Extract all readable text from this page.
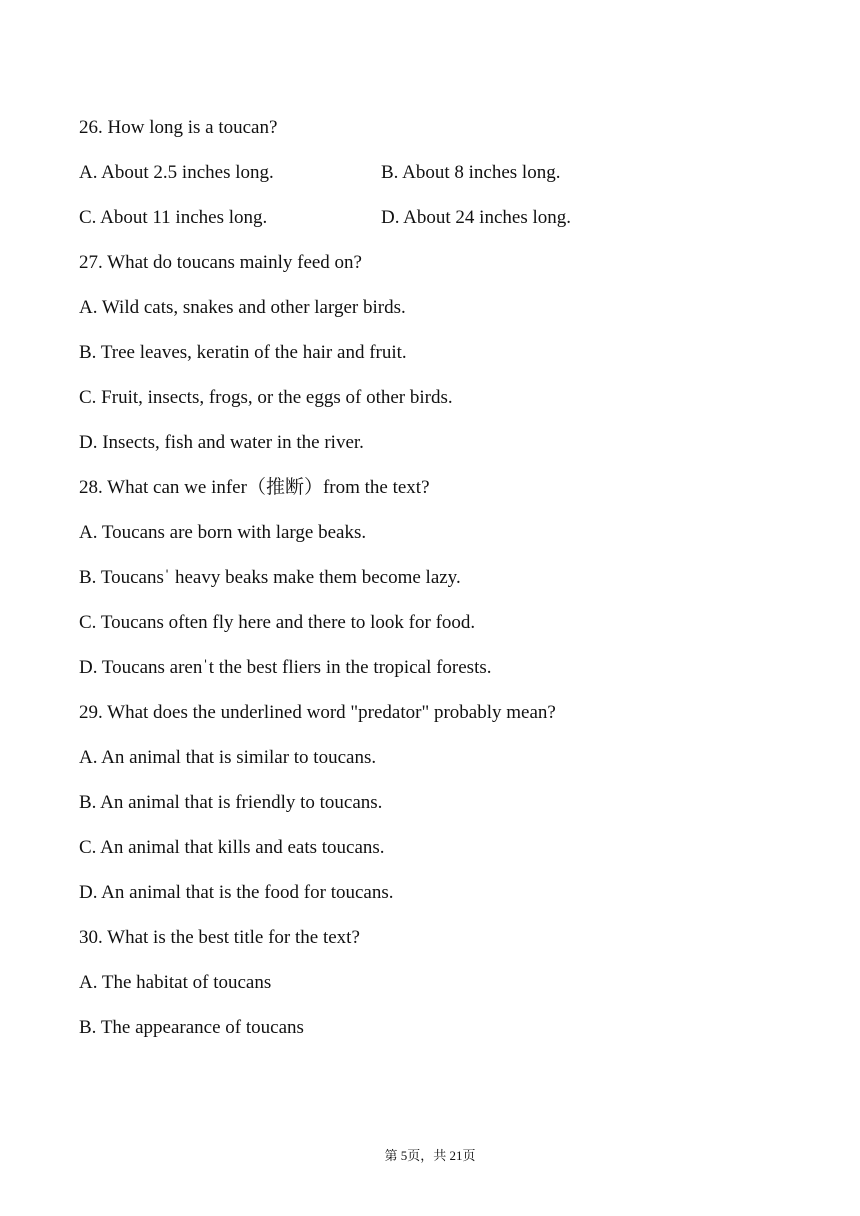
26. How long is a toucan?
A. About 2.5 inches long.	B. About 8 inches long.
C. About 11 inches long.	D. About 24 inches long.
27. What do toucans mainly feed on?
A. Wild cats, snakes and other larger birds.
B. Tree leaves, keratin of the hair and fruit.
C. Fruit, insects, frogs, or the eggs of other birds.
D. Insects, fish and water in the river.
28. What can we infer（推断）from the text?
A. Toucans are born with large beaks.
B. Toucansˈ heavy beaks make them become lazy.
C. Toucans often fly here and there to look for food.
D. Toucans arenˈt the best fliers in the tropical forests.
29. What does the underlined word "predator" probably mean?
A. An animal that is similar to toucans.
B. An animal that is friendly to toucans.
C. An animal that kills and eats toucans.
D. An animal that is the food for toucans.
30. What is the best title for the text?
A. The habitat of toucans
B. The appearance of toucans
第 5页，共 21页
